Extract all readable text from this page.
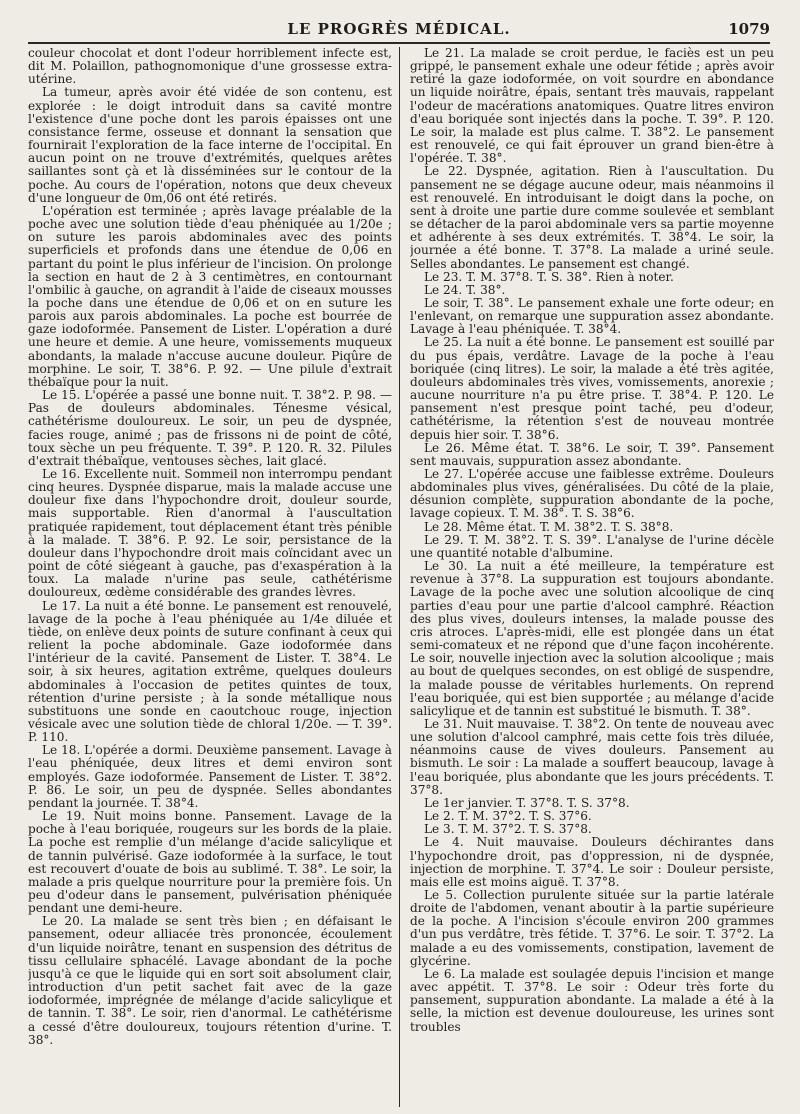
LE PROGRÈS MÉDICAL.	1079

couleur chocolat et dont l'odeur horriblement infecte est, dit M. Polaillon, pathognomonique d'une grossesse extra-utérine.

La tumeur, après avoir été vidée de son contenu, est explorée : le doigt introduit dans sa cavité montre l'existence d'une poche dont les parois épaisses ont une consistance ferme, osseuse et donnant la sensation que fournirait l'exploration de la face interne de l'occipital. En aucun point on ne trouve d'extrémités, quelques arêtes saillantes sont çà et là disséminées sur le contour de la poche. Au cours de l'opération, notons que deux cheveux d'une longueur de 0m,06 ont été retirés.

L'opération est terminée ; après lavage préalable de la poche avec une solution tiède d'eau phéniquée au 1/20e ; on suture les parois abdominales avec des points superficiels et profonds dans une étendue de 0,06 en partant du point le plus inférieur de l'incision. On prolonge la section en haut de 2 à 3 centimètres, en contournant l'ombilic à gauche, on agrandit à l'aide de ciseaux mousses la poche dans une étendue de 0,06 et on en suture les parois aux parois abdominales. La poche est bourrée de gaze iodoformée. Pansement de Lister. L'opération a duré une heure et demie. A une heure, vomissements muqueux abondants, la malade n'accuse aucune douleur. Piqûre de morphine. Le soir, T. 38°6. P. 92. — Une pilule d'extrait thébaïque pour la nuit.

Le 15. L'opérée a passé une bonne nuit. T. 38°2. P. 98. — Pas de douleurs abdominales. Ténesme vésical, cathétérisme douloureux. Le soir, un peu de dyspnée, facies rouge, animé ; pas de frissons ni de point de côté, toux sèche un peu fréquente. T. 39°. P. 120. R. 32. Pilules d'extrait thébaïque, ventouses sèches, lait glacé.

Le 16. Excellente nuit. Sommeil non interrompu pendant cinq heures. Dyspnée disparue, mais la malade accuse une douleur fixe dans l'hypochondre droit, douleur sourde, mais supportable. Rien d'anormal à l'auscultation pratiquée rapidement, tout déplacement étant très pénible à la malade. T. 38°6. P. 92. Le soir, persistance de la douleur dans l'hypochondre droit mais coïncidant avec un point de côté siégeant à gauche, pas d'exaspération à la toux. La malade n'urine pas seule, cathétérisme douloureux, œdème considérable des grandes lèvres.

Le 17. La nuit a été bonne. Le pansement est renouvelé, lavage de la poche à l'eau phéniquée au 1/4e diluée et tiède, on enlève deux points de suture confinant à ceux qui relient la poche abdominale. Gaze iodoformée dans l'intérieur de la cavité. Pansement de Lister. T. 38°4. Le soir, à six heures, agitation extrême, quelques douleurs abdominales à l'occasion de petites quintes de toux, rétention d'urine persiste ; à la sonde métallique nous substituons une sonde en caoutchouc rouge, injection vésicale avec une solution tiède de chloral 1/20e. — T. 39°. P. 110.

Le 18. L'opérée a dormi. Deuxième pansement. Lavage à l'eau phéniquée, deux litres et demi environ sont employés. Gaze iodoformée. Pansement de Lister. T. 38°2. P. 86. Le soir, un peu de dyspnée. Selles abondantes pendant la journée. T. 38°4.

Le 19. Nuit moins bonne. Pansement. Lavage de la poche à l'eau boriquée, rougeurs sur les bords de la plaie. La poche est remplie d'un mélange d'acide salicylique et de tannin pulvérisé. Gaze iodoformée à la surface, le tout est recouvert d'ouate de bois au sublimé. T. 38°. Le soir, la malade a pris quelque nourriture pour la première fois. Un peu d'odeur dans le pansement, pulvérisation phéniquée pendant une demi-heure.

Le 20. La malade se sent très bien ; en défaisant le pansement, odeur alliacée très prononcée, écoulement d'un liquide noirâtre, tenant en suspension des détritus de tissu cellulaire sphacélé. Lavage abondant de la poche jusqu'à ce que le liquide qui en sort soit absolument clair, introduction d'un petit sachet fait avec de la gaze iodoformée, imprégnée de mélange d'acide salicylique et de tannin. T. 38°. Le soir, rien d'anormal. Le cathétérisme a cessé d'être douloureux, toujours rétention d'urine. T. 38°.

Le 21. La malade se croit perdue, le faciès est un peu grippé, le pansement exhale une odeur fétide ; après avoir retiré la gaze iodoformée, on voit sourdre en abondance un liquide noirâtre, épais, sentant très mauvais, rappelant l'odeur de macérations anatomiques. Quatre litres environ d'eau boriquée sont injectés dans la poche. T. 39°. P. 120. Le soir, la malade est plus calme. T. 38°2. Le pansement est renouvelé, ce qui fait éprouver un grand bien-être à l'opérée. T. 38°.

Le 22. Dyspnée, agitation. Rien à l'auscultation. Du pansement ne se dégage aucune odeur, mais néanmoins il est renouvelé. En introduisant le doigt dans la poche, on sent à droite une partie dure comme soulevée et semblant se détacher de la paroi abdominale vers sa partie moyenne et adhérente à ses deux extrémités. T. 38°4. Le soir, la journée a été bonne. T. 37°8. La malade a uriné seule. Selles abondantes. Le pansement est changé.

Le 23. T. M. 37°8. T. S. 38°. Rien à noter.

Le 24. T. 38°.

Le soir, T. 38°. Le pansement exhale une forte odeur; en l'enlevant, on remarque une suppuration assez abondante. Lavage à l'eau phéniquée. T. 38°4.

Le 25. La nuit a été bonne. Le pansement est souillé par du pus épais, verdâtre. Lavage de la poche à l'eau boriquée (cinq litres). Le soir, la malade a été très agitée, douleurs abdominales très vives, vomissements, anorexie ; aucune nourriture n'a pu être prise. T. 38°4. P. 120. Le pansement n'est presque point taché, peu d'odeur, cathétérisme, la rétention s'est de nouveau montrée depuis hier soir. T. 38°6.

Le 26. Même état. T. 38°6. Le soir, T. 39°. Pansement sent mauvais, suppuration assez abondante.

Le 27. L'opérée accuse une faiblesse extrême. Douleurs abdominales plus vives, généralisées. Du côté de la plaie, désunion complète, suppuration abondante de la poche, lavage copieux. T. M. 38°. T. S. 38°6.

Le 28. Même état. T. M. 38°2. T. S. 38°8.

Le 29. T. M. 38°2. T. S. 39°. L'analyse de l'urine décèle une quantité notable d'albumine.

Le 30. La nuit a été meilleure, la température est revenue à 37°8. La suppuration est toujours abondante. Lavage de la poche avec une solution alcoolique de cinq parties d'eau pour une partie d'alcool camphré. Réaction des plus vives, douleurs intenses, la malade pousse des cris atroces. L'après-midi, elle est plongée dans un état semi-comateux et ne répond que d'une façon incohérente. Le soir, nouvelle injection avec la solution alcoolique ; mais au bout de quelques secondes, on est obligé de suspendre, la malade pousse de véritables hurlements. On reprend l'eau boriquée, qui est bien supportée ; au mélange d'acide salicylique et de tannin est substitué le bismuth. T. 38°.

Le 31. Nuit mauvaise. T. 38°2. On tente de nouveau avec une solution d'alcool camphré, mais cette fois très diluée, néanmoins cause de vives douleurs. Pansement au bismuth. Le soir : La malade a souffert beaucoup, lavage à l'eau boriquée, plus abondante que les jours précédents. T. 37°8.

Le 1er janvier. T. 37°8. T. S. 37°8.

Le 2. T. M. 37°2. T. S. 37°6.

Le 3. T. M. 37°2. T. S. 37°8.

Le 4. Nuit mauvaise. Douleurs déchirantes dans l'hypochondre droit, pas d'oppression, ni de dyspnée, injection de morphine. T. 37°4. Le soir : Douleur persiste, mais elle est moins aiguë. T. 37°8.

Le 5. Collection purulente située sur la partie latérale droite de l'abdomen, venant aboutir à la partie supérieure de la poche. A l'incision s'écoule environ 200 grammes d'un pus verdâtre, très fétide. T. 37°6. Le soir. T. 37°2. La malade a eu des vomissements, constipation, lavement de glycérine.

Le 6. La malade est soulagée depuis l'incision et mange avec appétit. T. 37°8. Le soir : Odeur très forte du pansement, suppuration abondante. La malade a été à la selle, la miction est devenue douloureuse, les urines sont troubles
